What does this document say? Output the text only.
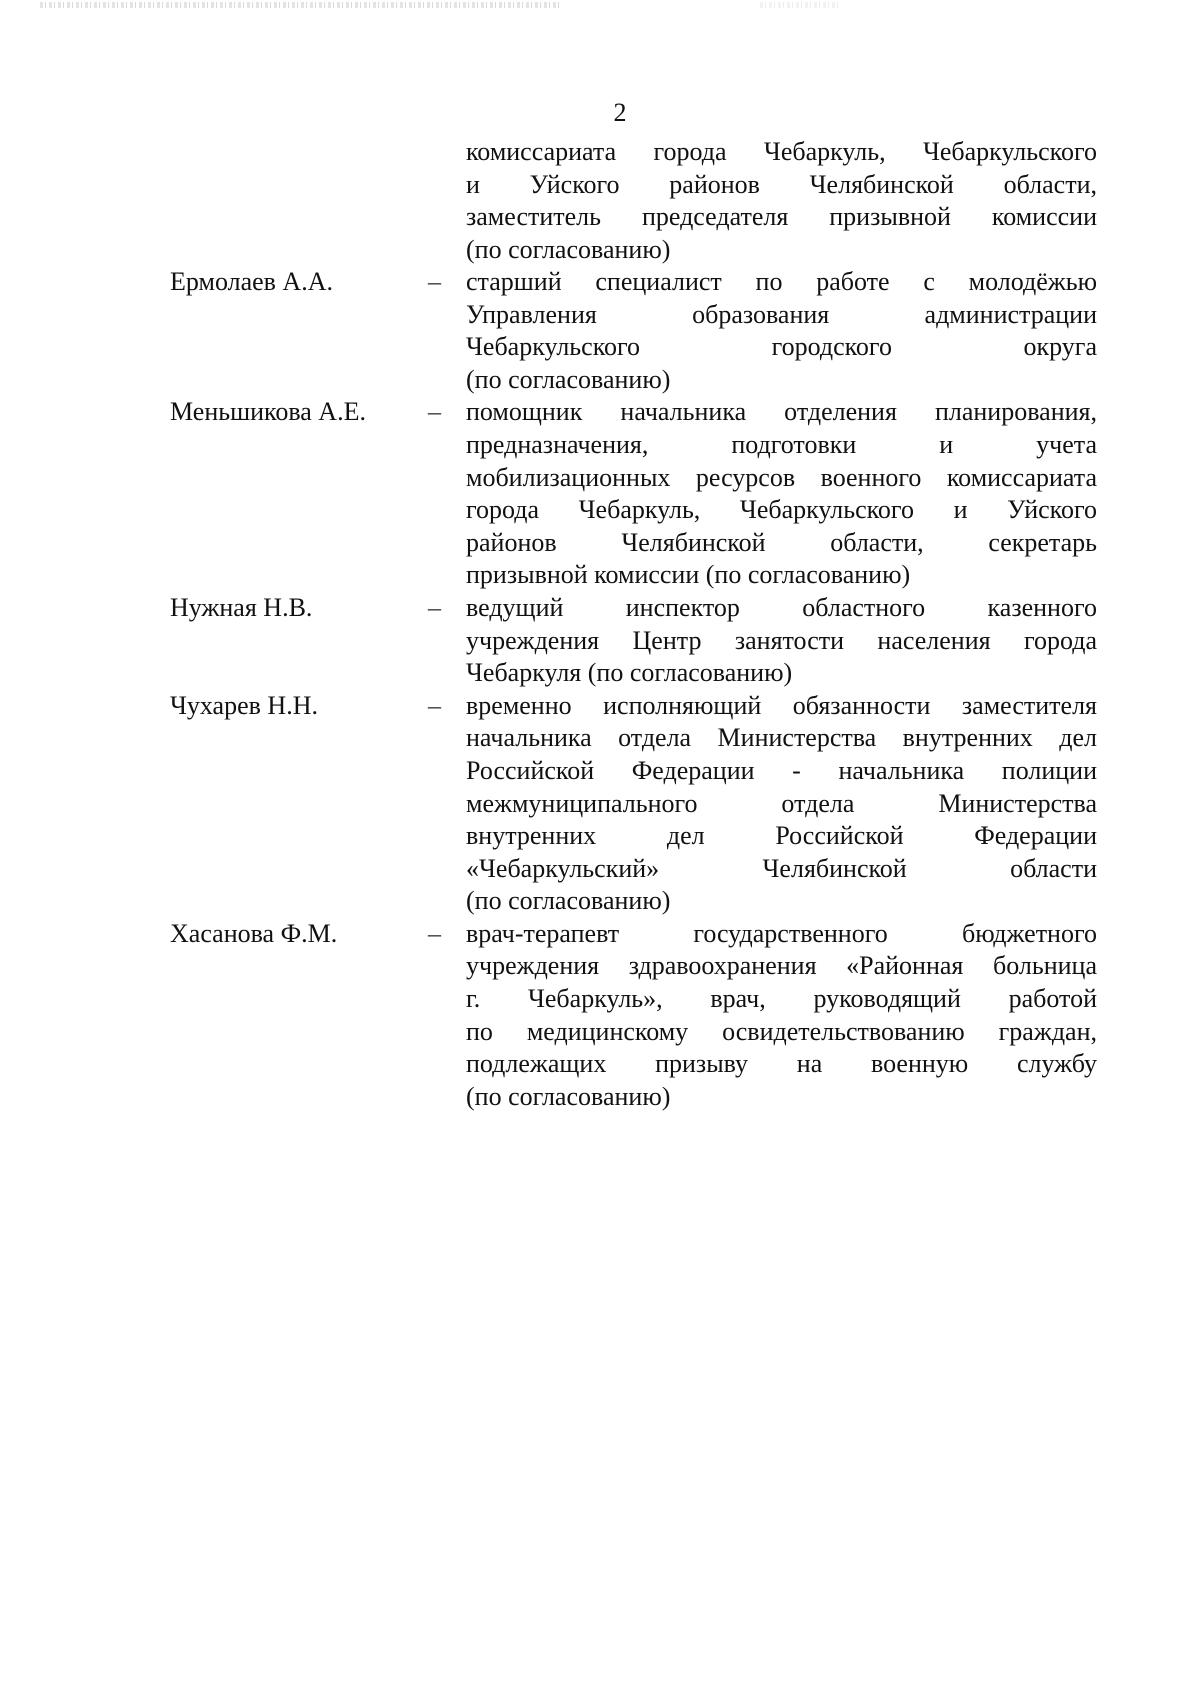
2

комиссариата города Чебаркуль, Чебаркульского
и Уйского районов Челябинской области,
заместитель председателя призывной комиссии
(по согласованию)

Ермолаев А.А.	– старший специалист по работе с молодёжью
Управления образования администрации
Чебаркульского городского округа
(по согласованию)

Меньшикова А.Е.	– помощник начальника отделения планирования,
предназначения, подготовки и учета
мобилизационных ресурсов военного комиссариата
города Чебаркуль, Чебаркульского и Уйского
районов Челябинской области, секретарь
призывной комиссии (по согласованию)

Нужная Н.В.	– ведущий инспектор областного казенного
учреждения Центр занятости населения города
Чебаркуля (по согласованию)

Чухарев Н.Н.	– временно исполняющий обязанности заместителя
начальника отдела Министерства внутренних дел
Российской Федерации - начальника полиции
межмуниципального отдела Министерства
внутренних дел Российской Федерации
«Чебаркульский» Челябинской области
(по согласованию)

Хасанова Ф.М.	– врач-терапевт государственного бюджетного
учреждения здравоохранения «Районная больница
г. Чебаркуль», врач, руководящий работой
по медицинскому освидетельствованию граждан,
подлежащих призыву на военную службу
(по согласованию)
